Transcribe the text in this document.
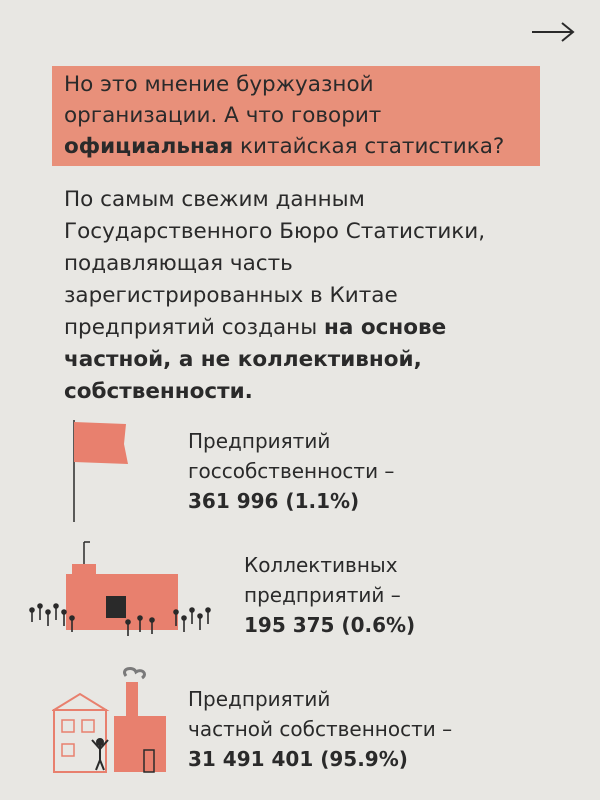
Но это мнение буржуазной
организации. А что говорит
официальная китайская статистика?
По самым свежим данным
Государственного Бюро Статистики,
подавляющая часть
зарегистрированных в Китае
предприятий созданы на основе
частной, а не коллективной,
собственности.
Предприятий
госсобственности –
361 996 (1.1%)
Коллективных
предприятий –
195 375 (0.6%)
Предприятий
частной собственности –
31 491 401 (95.9%)
